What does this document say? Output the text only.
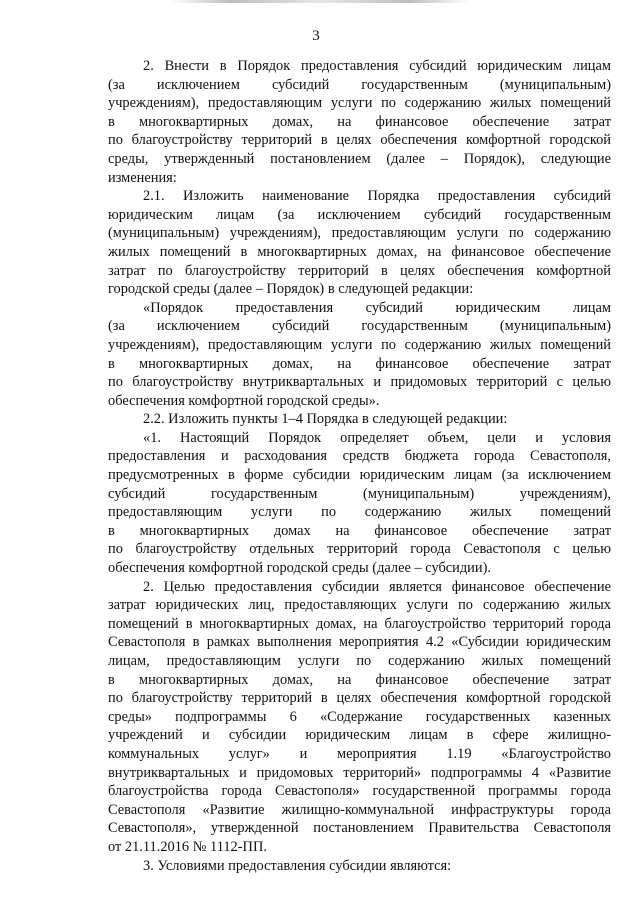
3
2. Внести в Порядок предоставления субсидий юридическим лицам
(за исключением субсидий государственным (муниципальным)
учреждениям), предоставляющим услуги по содержанию жилых помещений
в многоквартирных домах, на финансовое обеспечение затрат
по благоустройству территорий в целях обеспечения комфортной городской
среды, утвержденный постановлением (далее – Порядок), следующие
изменения:
2.1. Изложить наименование Порядка предоставления субсидий
юридическим лицам (за исключением субсидий государственным
(муниципальным) учреждениям), предоставляющим услуги по содержанию
жилых помещений в многоквартирных домах, на финансовое обеспечение
затрат по благоустройству территорий в целях обеспечения комфортной
городской среды (далее – Порядок) в следующей редакции:
«Порядок предоставления субсидий юридическим лицам
(за исключением субсидий государственным (муниципальным)
учреждениям), предоставляющим услуги по содержанию жилых помещений
в многоквартирных домах, на финансовое обеспечение затрат
по благоустройству внутриквартальных и придомовых территорий с целью
обеспечения комфортной городской среды».
2.2. Изложить пункты 1–4 Порядка в следующей редакции:
«1. Настоящий Порядок определяет объем, цели и условия
предоставления и расходования средств бюджета города Севастополя,
предусмотренных в форме субсидии юридическим лицам (за исключением
субсидий государственным (муниципальным) учреждениям),
предоставляющим услуги по содержанию жилых помещений
в многоквартирных домах на финансовое обеспечение затрат
по благоустройству отдельных территорий города Севастополя с целью
обеспечения комфортной городской среды (далее – субсидии).
2. Целью предоставления субсидии является финансовое обеспечение
затрат юридических лиц, предоставляющих услуги по содержанию жилых
помещений в многоквартирных домах, на благоустройство территорий города
Севастополя в рамках выполнения мероприятия 4.2 «Субсидии юридическим
лицам, предоставляющим услуги по содержанию жилых помещений
в многоквартирных домах, на финансовое обеспечение затрат
по благоустройству территорий в целях обеспечения комфортной городской
среды» подпрограммы 6 «Содержание государственных казенных
учреждений и субсидии юридическим лицам в сфере жилищно-
коммунальных услуг» и мероприятия 1.19 «Благоустройство
внутриквартальных и придомовых территорий» подпрограммы 4 «Развитие
благоустройства города Севастополя» государственной программы города
Севастополя «Развитие жилищно-коммунальной инфраструктуры города
Севастополя», утвержденной постановлением Правительства Севастополя
от 21.11.2016 № 1112-ПП.
3. Условиями предоставления субсидии являются:
